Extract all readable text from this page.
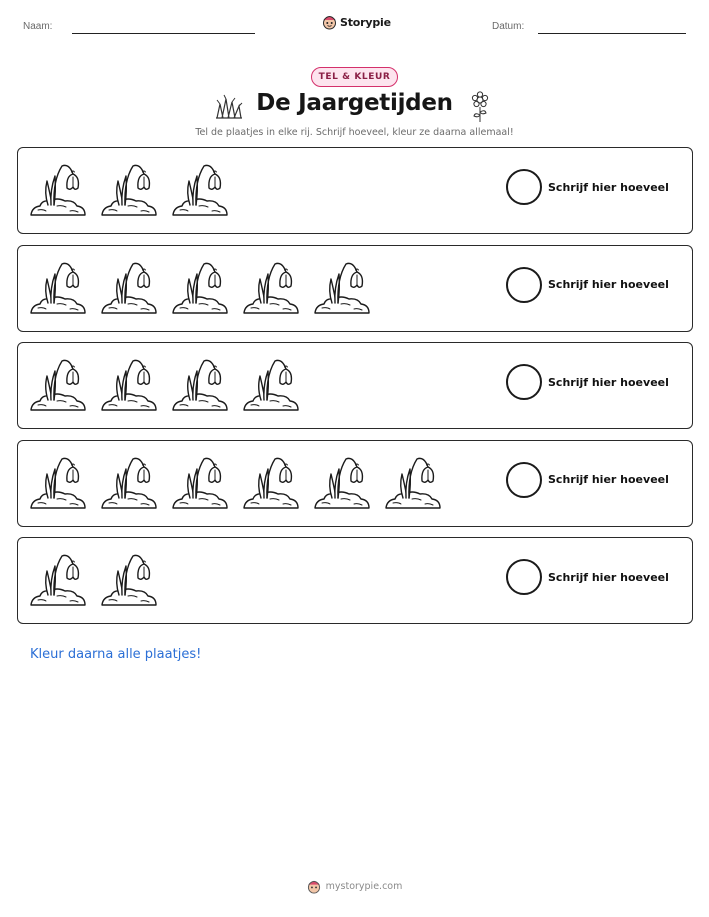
Naam:	Storypie	Datum:
TEL & KLEUR
De Jaargetijden
Tel de plaatjes in elke rij. Schrijf hoeveel, kleur ze daarna allemaal!
Schrijf hier hoeveel
Schrijf hier hoeveel
Schrijf hier hoeveel
Schrijf hier hoeveel
Schrijf hier hoeveel
Kleur daarna alle plaatjes!
mystorypie.com
